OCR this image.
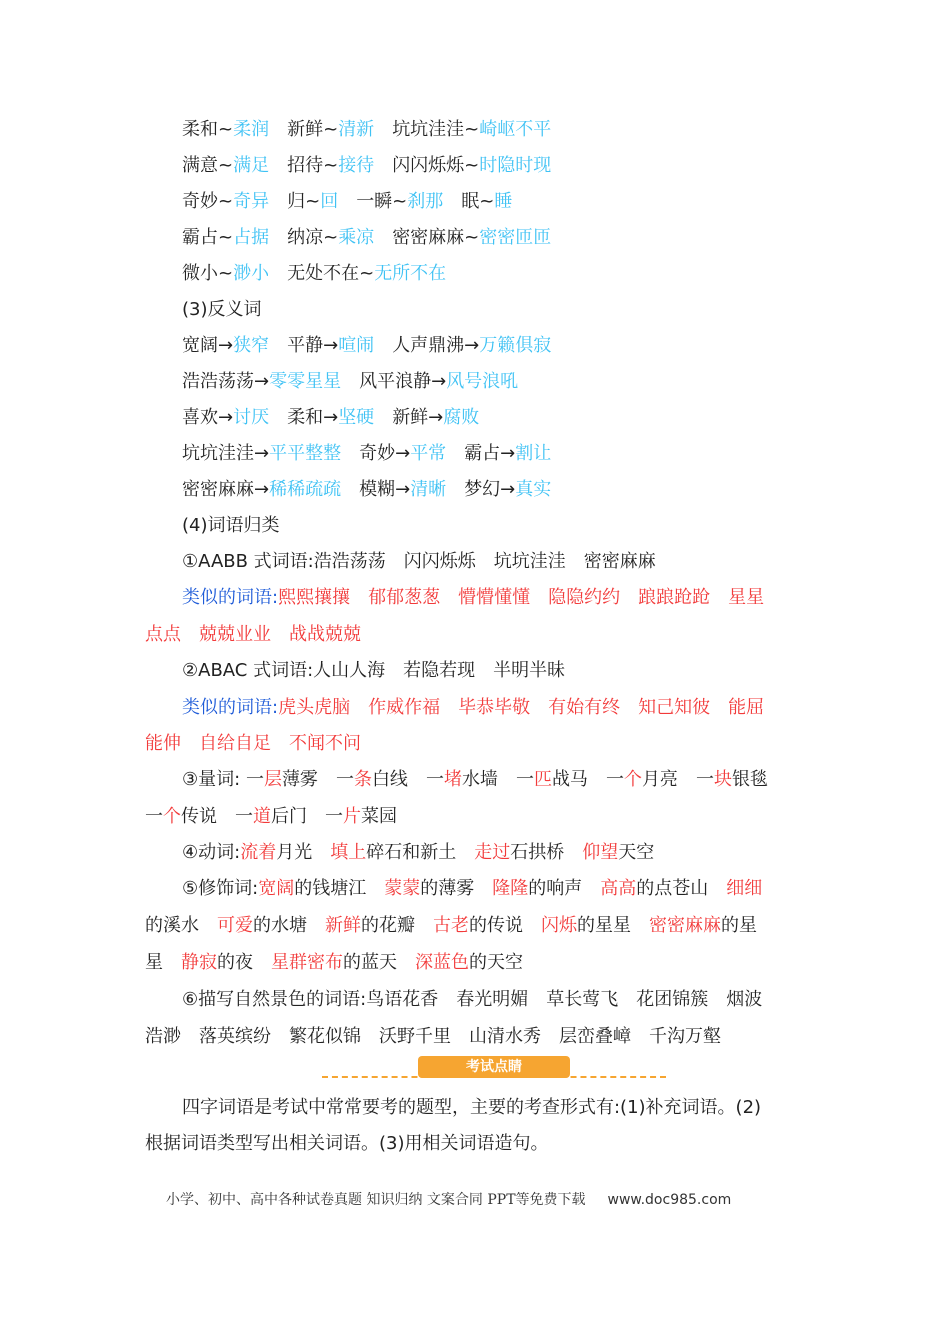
柔和~柔润 新鲜~清新 坑坑洼洼~崎岖不平
满意~满足 招待~接待 闪闪烁烁~时隐时现
奇妙~奇异 归~回 一瞬~刹那 眠~睡
霸占~占据 纳凉~乘凉 密密麻麻~密密匝匝
微小~渺小 无处不在~无所不在
(3)反义词
宽阔→狭窄 平静→喧闹 人声鼎沸→万籁俱寂
浩浩荡荡→零零星星 风平浪静→风号浪吼
喜欢→讨厌 柔和→坚硬 新鲜→腐败
坑坑洼洼→平平整整 奇妙→平常 霸占→割让
密密麻麻→稀稀疏疏 模糊→清晰 梦幻→真实
(4)词语归类
①AABB 式词语:浩浩荡荡　闪闪烁烁　坑坑洼洼　密密麻麻
类似的词语:熙熙攘攘　郁郁葱葱　懵懵懂懂　隐隐约约　踉踉跄跄　星星
点点　兢兢业业　战战兢兢
②ABAC 式词语:人山人海　若隐若现　半明半昧
类似的词语:虎头虎脑　作威作福　毕恭毕敬　有始有终　知己知彼　能屈
能伸　自给自足　不闻不问
③量词: 一层薄雾 一条白线 一堵水墙 一匹战马 一个月亮 一块银毯
一个传说 一道后门 一片菜园
④动词:流着月光 填上碎石和新土 走过石拱桥 仰望天空
⑤修饰词:宽阔的钱塘江 蒙蒙的薄雾 隆隆的响声 高高的点苍山 细细
的溪水 可爱的水塘 新鲜的花瓣 古老的传说 闪烁的星星 密密麻麻的星
星 静寂的夜 星群密布的蓝天 深蓝色的天空
⑥描写自然景色的词语:鸟语花香　春光明媚　草长莺飞　花团锦簇　烟波
浩渺　落英缤纷　繁花似锦　沃野千里　山清水秀　层峦叠嶂　千沟万壑
考试点睛
四字词语是考试中常常要考的题型，主要的考查形式有:(1)补充词语。(2)
根据词语类型写出相关词语。(3)用相关词语造句。
小学、初中、高中各种试卷真题 知识归纳 文案合同 PPT等免费下载 www.doc985.com
